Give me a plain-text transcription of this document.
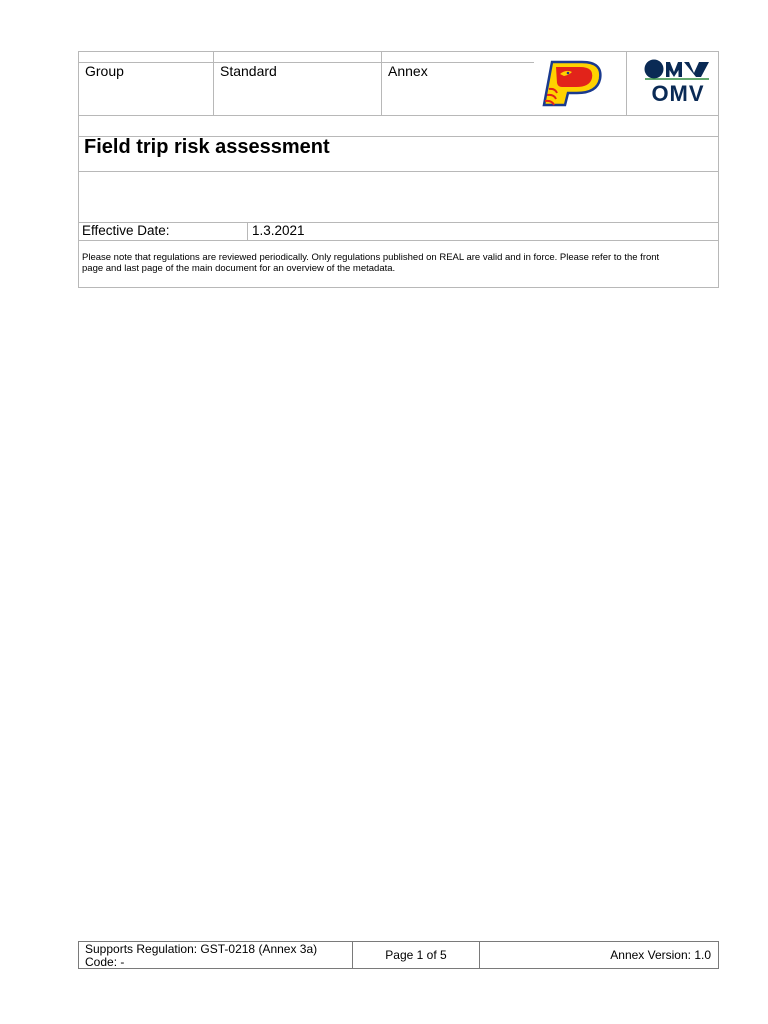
Group	Standard	Annex
OMV
Field trip risk assessment
Effective Date:	1.3.2021
Please note that regulations are reviewed periodically. Only regulations published on REAL are valid and in force. Please refer to the front
page and last page of the main document for an overview of the metadata.
Supports Regulation: GST-0218 (Annex 3a)
Code: -	Page 1 of 5	Annex Version: 1.0
